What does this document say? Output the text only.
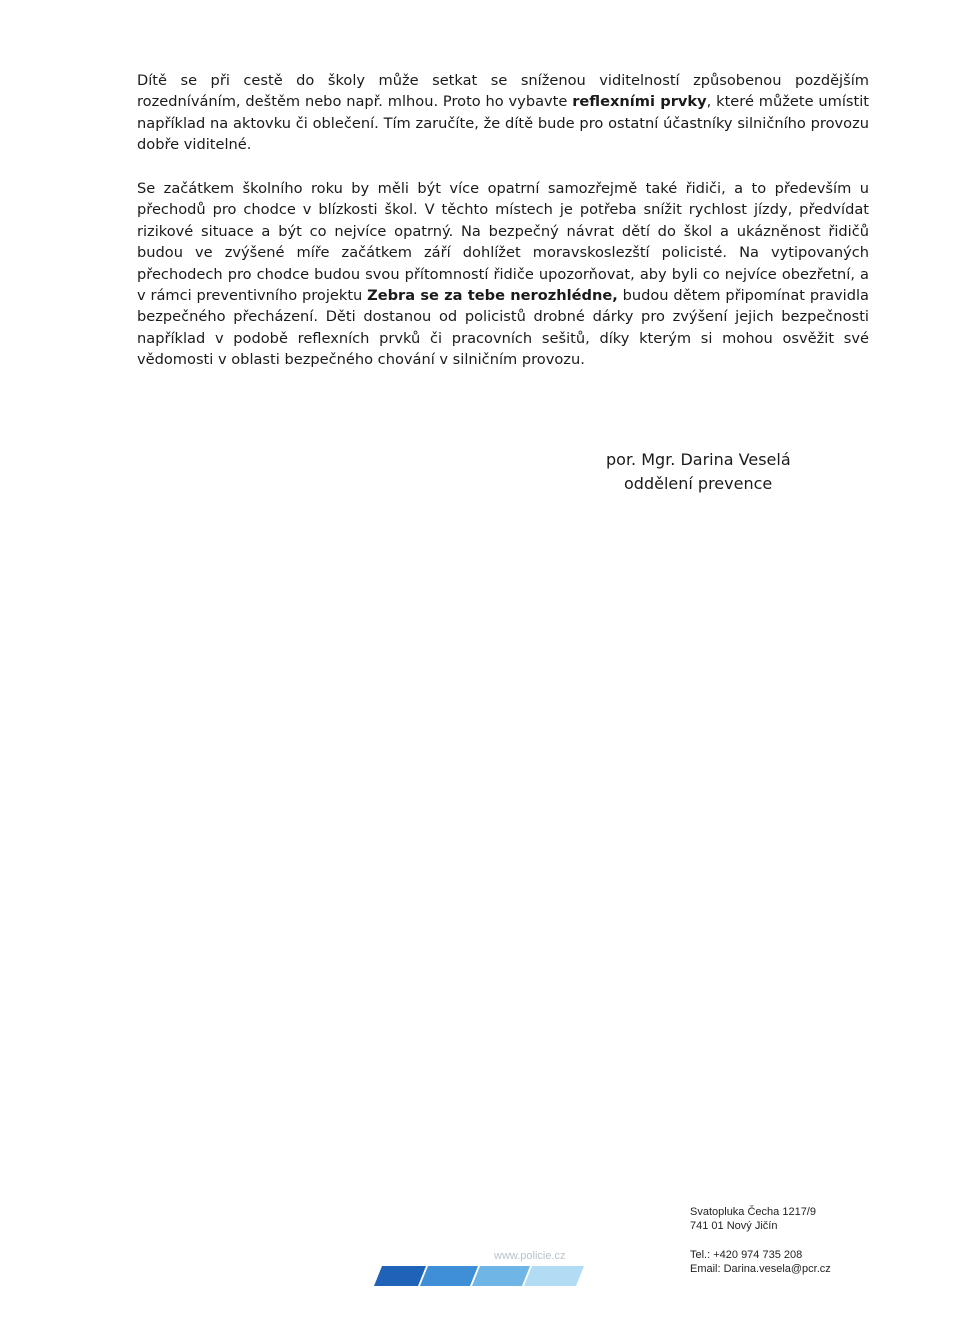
Dítě se při cestě do školy může setkat se sníženou viditelností způsobenou pozdějším rozedníváním, deštěm nebo např. mlhou. Proto ho vybavte reflexními prvky, které můžete umístit například na aktovku či oblečení. Tím zaručíte, že dítě bude pro ostatní účastníky silničního provozu dobře viditelné.

Se začátkem školního roku by měli být více opatrní samozřejmě také řidiči, a to především u přechodů pro chodce v blízkosti škol. V těchto místech je potřeba snížit rychlost jízdy, předvídat rizikové situace a být co nejvíce opatrný. Na bezpečný návrat dětí do škol a ukázněnost řidičů budou ve zvýšené míře začátkem září dohlížet moravskoslezští policisté. Na vytipovaných přechodech pro chodce budou svou přítomností řidiče upozorňovat, aby byli co nejvíce obezřetní, a v rámci preventivního projektu Zebra se za tebe nerozhlédne, budou dětem připomínat pravidla bezpečného přecházení. Děti dostanou od policistů drobné dárky pro zvýšení jejich bezpečnosti například v podobě reflexních prvků či pracovních sešitů, díky kterým si mohou osvěžit své vědomosti v oblasti bezpečného chování v silničním provozu.

por. Mgr. Darina Veselá
oddělení prevence
www.policie.cz
Svatopluka Čecha 1217/9
741 01 Nový Jičín
Tel.: +420 974 735 208
Email: Darina.vesela@pcr.cz
